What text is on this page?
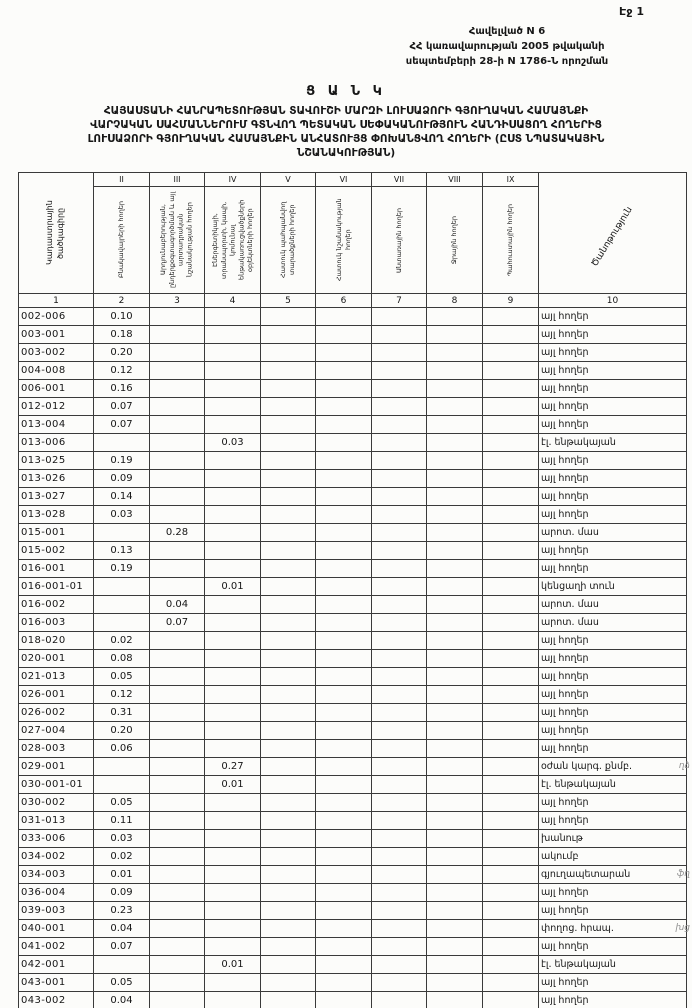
Էջ 1
Հավելված N 6
ՀՀ կառավարության 2005 թվականի
սեպտեմբերի 28-ի N 1786-Ն որոշման
Ց Ա Ն Կ
ՀԱՅԱՍՏԱՆԻ ՀԱՆՐԱՊԵՏՈՒԹՅԱՆ ՏԱՎՈՒՇԻ ՄԱՐԶԻ ԼՈՒՍԱՁՈՐԻ ԳՅՈՒՂԱԿԱՆ ՀԱՄԱՅՆՔԻ
ՎԱՐՉԱԿԱՆ ՍԱՀՄԱՆՆԵՐՈՒՄ ԳՏՆՎՈՂ ՊԵՏԱԿԱՆ ՍԵՓԱԿԱՆՈՒԹՅՈՒՆ ՀԱՆԴԻՍԱՑՈՂ ՀՈՂԵՐԻՑ
ԼՈՒՍԱՁՈՐԻ ԳՅՈՒՂԱԿԱՆ ՀԱՄԱՅՆՔԻՆ ԱՆՀԱՏՈՒՅՑ ՓՈԽԱՆՑՎՈՂ ՀՈՂԵՐԻ (ԸՍՏ ՆՊԱՏԱԿԱՅԻՆ
ՆՇԱՆԱԿՈՒԹՅԱՆ)
Կադաստրային ծածկագիրը	II	III	IV	V	VI	VII	VIII	IX	Ծանոթություն

	Բնակավայրերի հողեր	Արդյունաբերության, ընդերքօգտագործման և այլ արտադրական նշանակության հողեր	Էներգետիկայի, տրանսպորտի, կապի, կոմունալ ենթակառուցվածքների օբյեկտների հողեր	Հատուկ պահպանվող տարածքների հողեր	Հատուկ նշանակության հողեր	Անտառային հողեր	Ջրային հողեր	Պահուստային հողեր	

1	2	3	4	5	6	7	8	9	10
002-006	0.10								այլ հողեր
003-001	0.18								այլ հողեր
003-002	0.20								այլ հողեր
004-008	0.12								այլ հողեր
006-001	0.16								այլ հողեր
012-012	0.07								այլ հողեր
013-004	0.07								այլ հողեր
013-006			0.03						էլ. ենթակայան
013-025	0.19								այլ հողեր
013-026	0.09								այլ հողեր
013-027	0.14								այլ հողեր
013-028	0.03								այլ հողեր
015-001		0.28							արոտ. մաս
015-002	0.13								այլ հողեր
016-001	0.19								այլ հողեր
016-001-01			0.01						կենցաղի տուն
016-002		0.04							արոտ. մաս
016-003		0.07							արոտ. մաս
018-020	0.02								այլ հողեր
020-001	0.08								այլ հողեր
021-013	0.05								այլ հողեր
026-001	0.12								այլ հողեր
026-002	0.31								այլ հողեր
027-004	0.20								այլ հողեր
028-003	0.06								այլ հողեր
029-001			0.27						օժան կարգ. քնմբ.
030-001-01			0.01						էլ. ենթակայան
030-002	0.05								այլ հողեր
031-013	0.11								այլ հողեր
033-006	0.03								խանութ
034-002	0.02								ակումբ
034-003	0.01								գյուղապետարան
036-004	0.09								այլ հողեր
039-003	0.23								այլ հողեր
040-001	0.04								փողոց. հրապ.
041-002	0.07								այլ հողեր
042-001			0.01						էլ. ենթակայան
043-001	0.05								այլ հողեր
043-002	0.04								այլ հողեր
ղձ
ֆղ
խց
